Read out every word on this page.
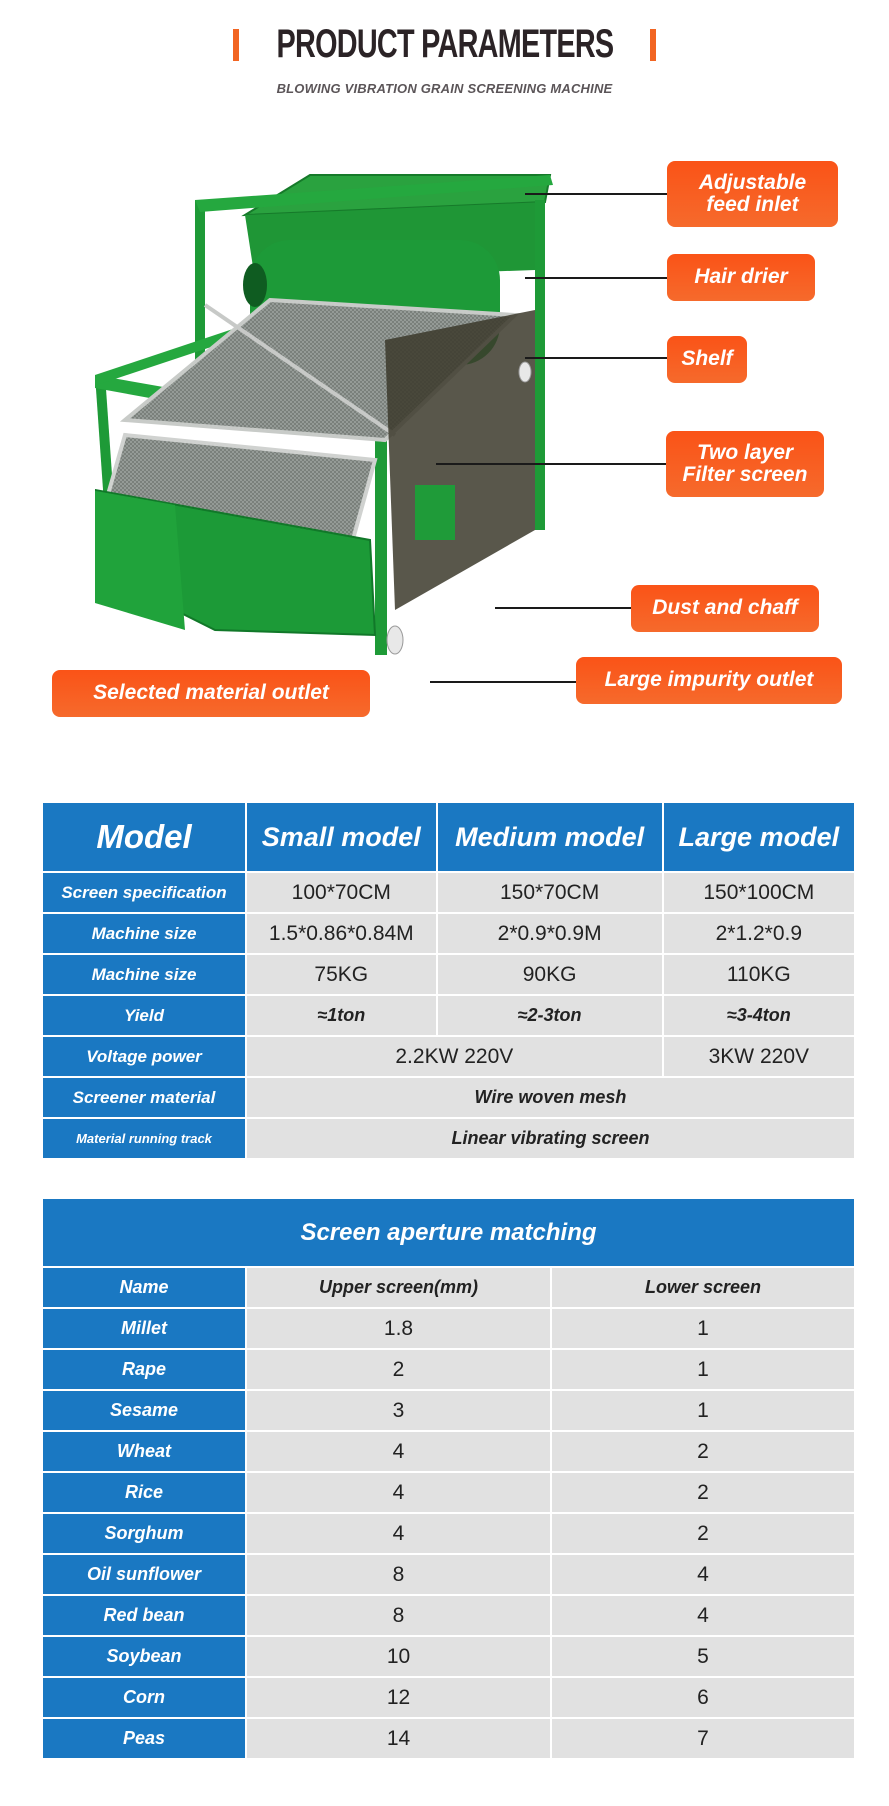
PRODUCT PARAMETERS
BLOWING VIBRATION GRAIN SCREENING MACHINE
Adjustable
feed inlet
Hair drier
Shelf
Two layer
Filter screen
Dust and chaff
Large impurity outlet
Selected material outlet
Model	Small model	Medium model	Large model
Screen specification	100*70CM	150*70CM	150*100CM
Machine size	1.5*0.86*0.84M	2*0.9*0.9M	2*1.2*0.9
Machine size	75KG	90KG	110KG
Yield	≈1ton	≈2-3ton	≈3-4ton
Voltage power	2.2KW 220V		3KW 220V
Screener material	Wire woven mesh		
Material running track	Linear vibrating screen		
Screen aperture matching		
Name	Upper screen(mm)	Lower screen
Millet	1.8	1
Rape	2	1
Sesame	3	1
Wheat	4	2
Rice	4	2
Sorghum	4	2
Oil sunflower	8	4
Red bean	8	4
Soybean	10	5
Corn	12	6
Peas	14	7
